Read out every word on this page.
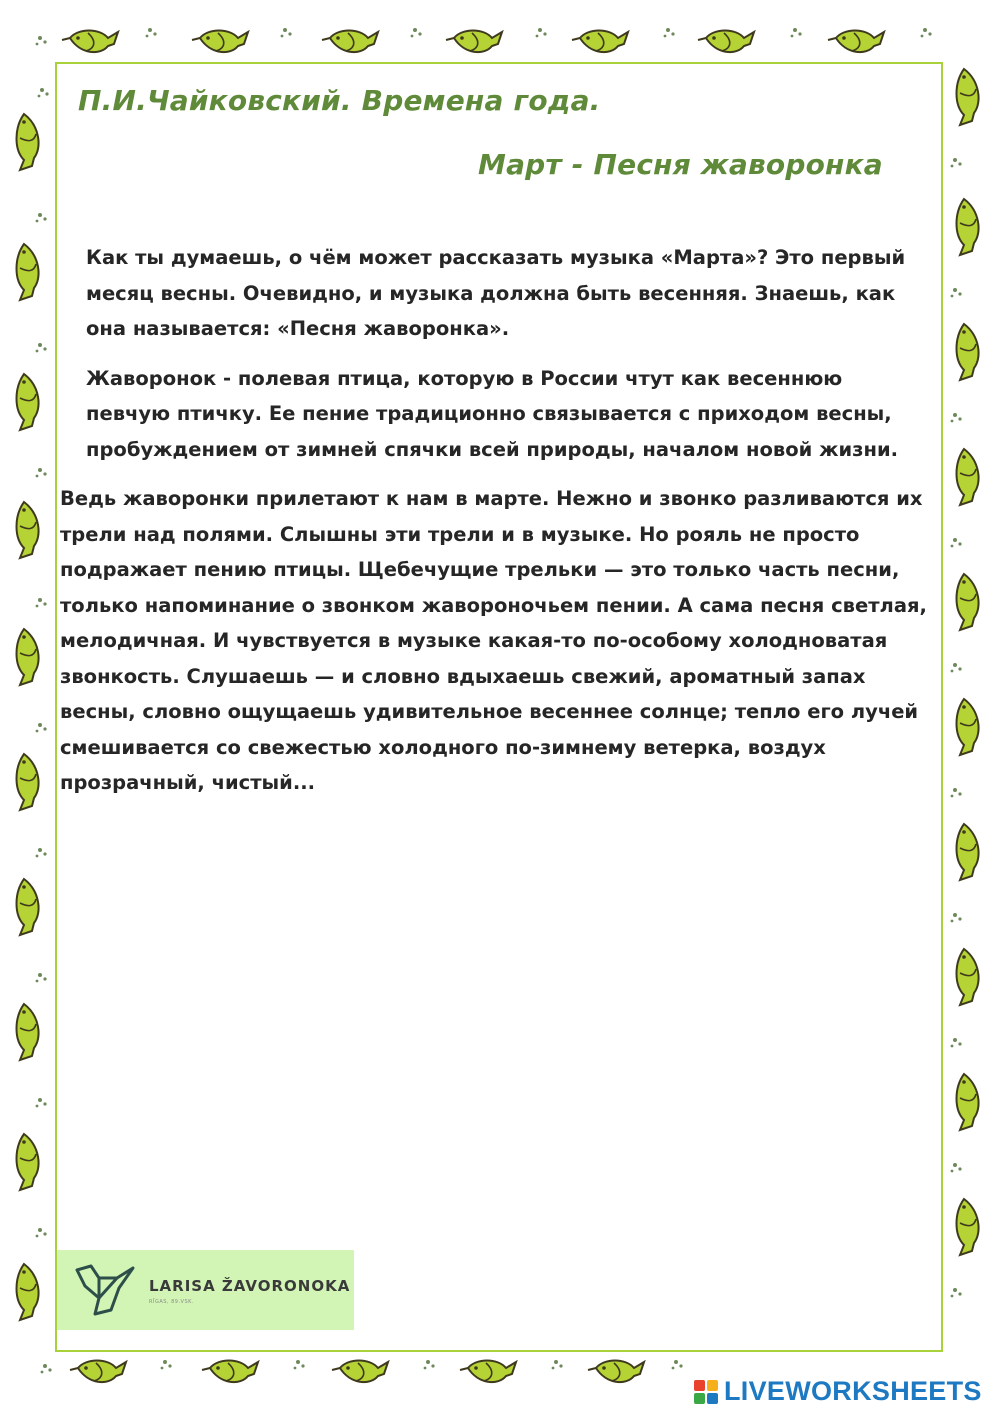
П.И.Чайковский. Времена года.
Март - Песня жаворонка

Как ты думаешь, о чём может рассказать музыка «Марта»? Это первый месяц весны. Очевидно, и музыка должна быть весенняя. Знаешь, как она называется: «Песня жаворонка».

Жаворонок - полевая птица, которую в России чтут как весеннюю певчую птичку. Ее пение традиционно связывается с приходом весны, пробуждением от зимней спячки всей природы, началом новой жизни.

Ведь жаворонки прилетают к нам в марте. Нежно и звонко разливаются их трели над полями. Слышны эти трели и в музыке. Но рояль не просто подражает пению птицы. Щебечущие трельки — это только часть песни, только напоминание о звонком жавороночьем пении. А сама песня светлая, мелодичная. И чувствуется в музыке какая-то по-особому холодноватая звонкость. Слушаешь — и словно вдыхаешь свежий, ароматный запах весны, словно ощущаешь удивительное весеннее солнце; тепло его лучей смешивается со свежестью холодного по-зимнему ветерка, воздух прозрачный, чистый...

LARISA ŽAVORONOKA

RĪGAS, 89.VSK.

LIVEWORKSHEETS
